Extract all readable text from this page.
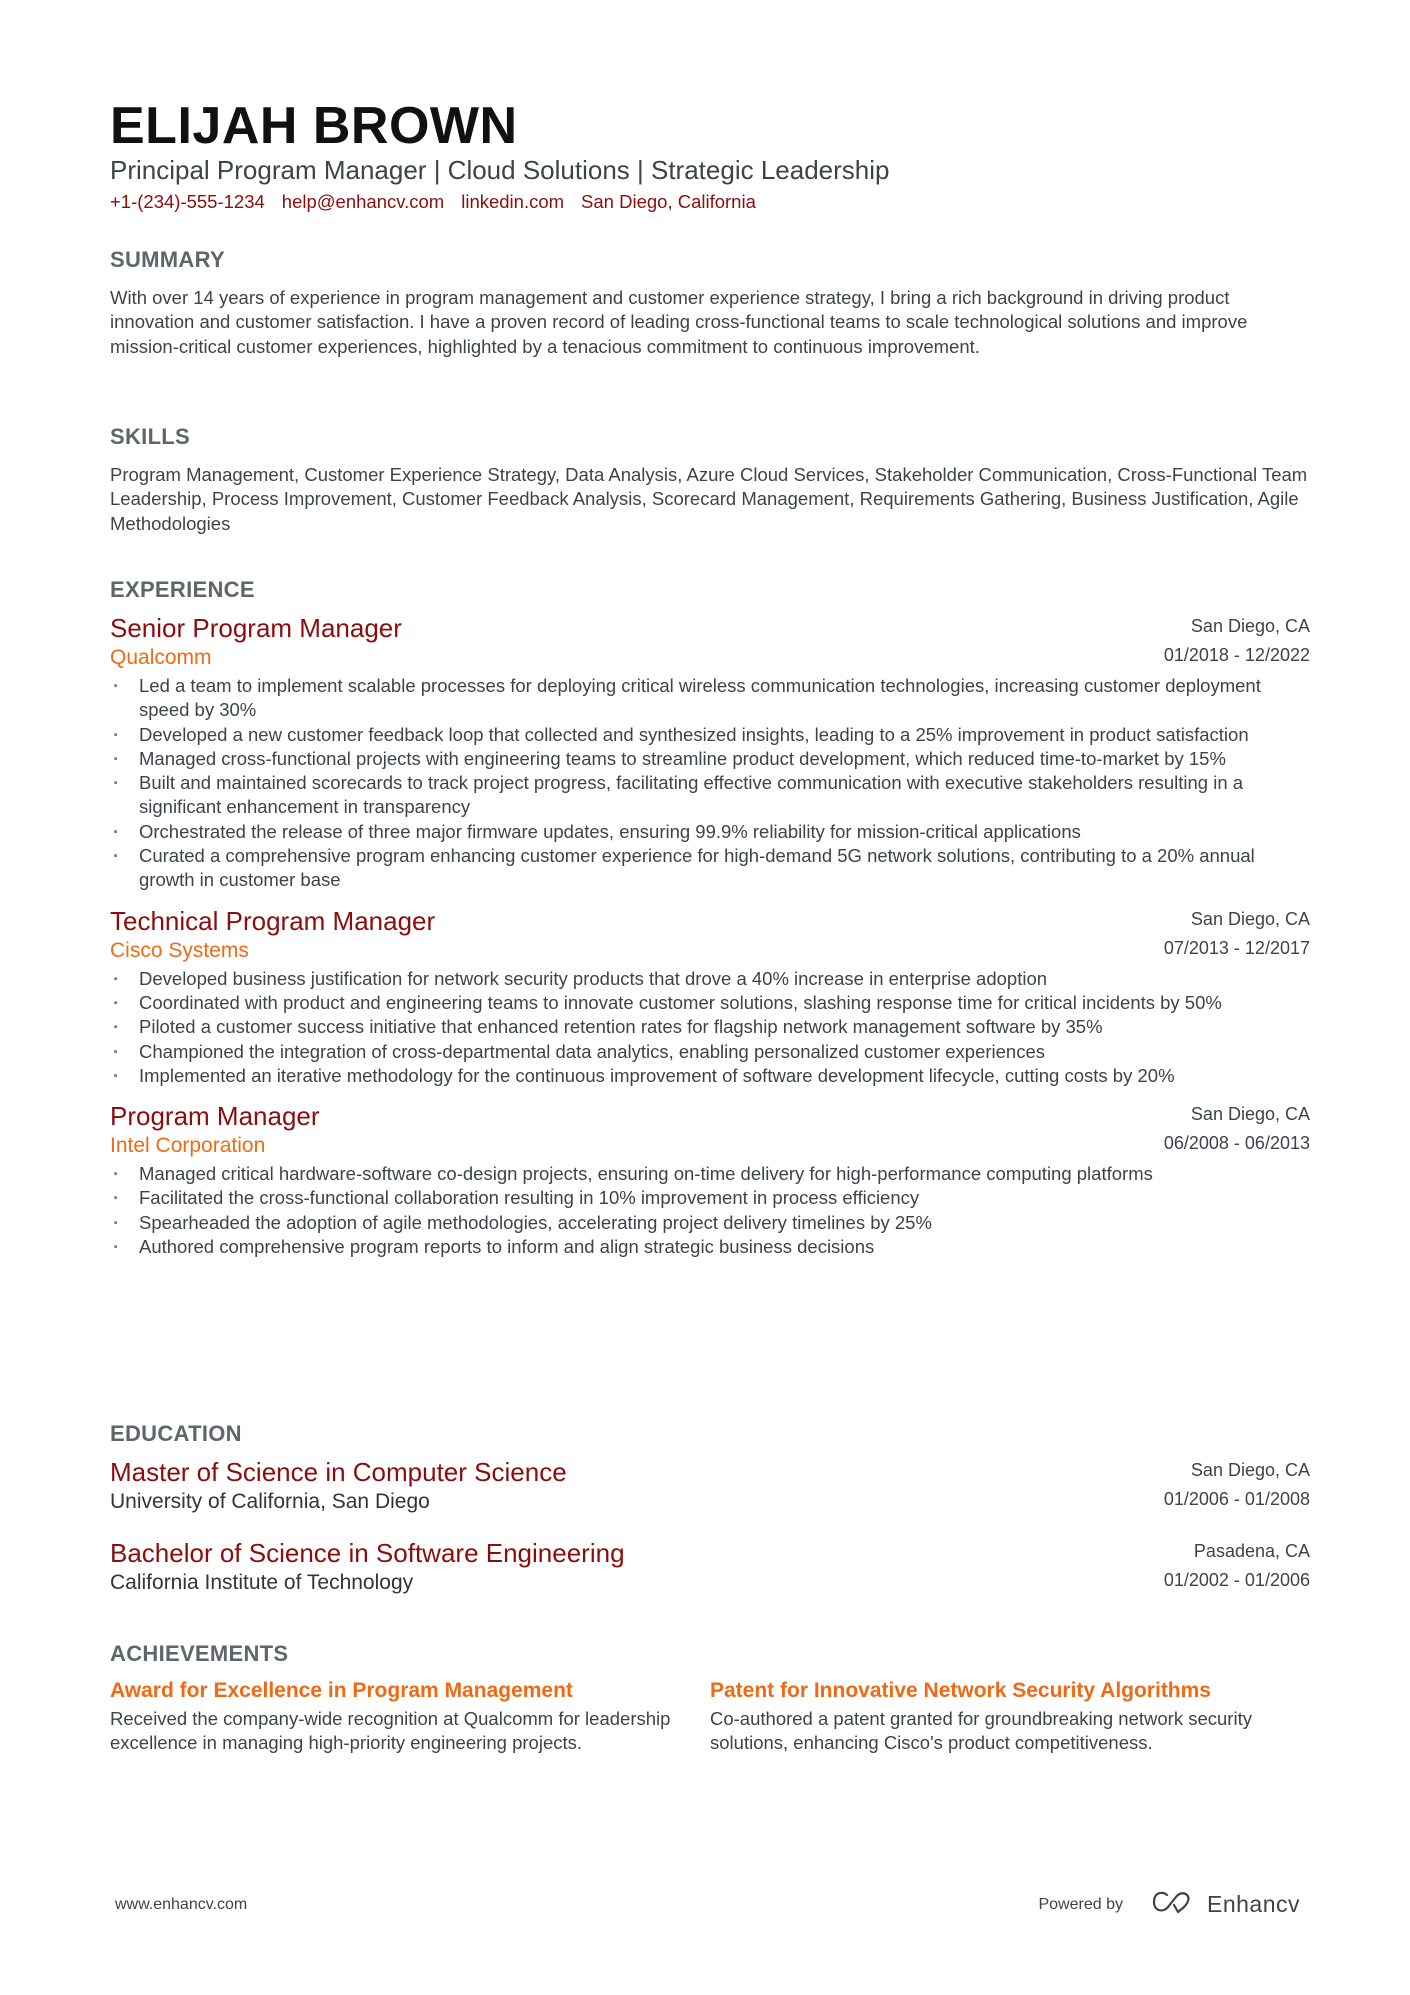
ELIJAH BROWN
Principal Program Manager | Cloud Solutions | Strategic Leadership
+1-(234)-555-1234 help@enhancv.com linkedin.com San Diego, California
SUMMARY
With over 14 years of experience in program management and customer experience strategy, I bring a rich background in driving product innovation and customer satisfaction. I have a proven record of leading cross-functional teams to scale technological solutions and improve mission-critical customer experiences, highlighted by a tenacious commitment to continuous improvement.
SKILLS
Program Management, Customer Experience Strategy, Data Analysis, Azure Cloud Services, Stakeholder Communication, Cross-Functional Team Leadership, Process Improvement, Customer Feedback Analysis, Scorecard Management, Requirements Gathering, Business Justification, Agile Methodologies
EXPERIENCE
Senior Program Manager
Qualcomm
San Diego, CA
01/2018 - 12/2022
· Led a team to implement scalable processes for deploying critical wireless communication technologies, increasing customer deployment speed by 30%
· Developed a new customer feedback loop that collected and synthesized insights, leading to a 25% improvement in product satisfaction
· Managed cross-functional projects with engineering teams to streamline product development, which reduced time-to-market by 15%
· Built and maintained scorecards to track project progress, facilitating effective communication with executive stakeholders resulting in a significant enhancement in transparency
· Orchestrated the release of three major firmware updates, ensuring 99.9% reliability for mission-critical applications
· Curated a comprehensive program enhancing customer experience for high-demand 5G network solutions, contributing to a 20% annual growth in customer base
Technical Program Manager
Cisco Systems
San Diego, CA
07/2013 - 12/2017
· Developed business justification for network security products that drove a 40% increase in enterprise adoption
· Coordinated with product and engineering teams to innovate customer solutions, slashing response time for critical incidents by 50%
· Piloted a customer success initiative that enhanced retention rates for flagship network management software by 35%
· Championed the integration of cross-departmental data analytics, enabling personalized customer experiences
· Implemented an iterative methodology for the continuous improvement of software development lifecycle, cutting costs by 20%
Program Manager
Intel Corporation
San Diego, CA
06/2008 - 06/2013
· Managed critical hardware-software co-design projects, ensuring on-time delivery for high-performance computing platforms
· Facilitated the cross-functional collaboration resulting in 10% improvement in process efficiency
· Spearheaded the adoption of agile methodologies, accelerating project delivery timelines by 25%
· Authored comprehensive program reports to inform and align strategic business decisions
EDUCATION
Master of Science in Computer Science
University of California, San Diego
San Diego, CA
01/2006 - 01/2008
Bachelor of Science in Software Engineering
California Institute of Technology
Pasadena, CA
01/2002 - 01/2006
ACHIEVEMENTS
Award for Excellence in Program Management
Received the company-wide recognition at Qualcomm for leadership excellence in managing high-priority engineering projects.
Patent for Innovative Network Security Algorithms
Co-authored a patent granted for groundbreaking network security solutions, enhancing Cisco's product competitiveness.
www.enhancv.com	Powered by	Enhancv
